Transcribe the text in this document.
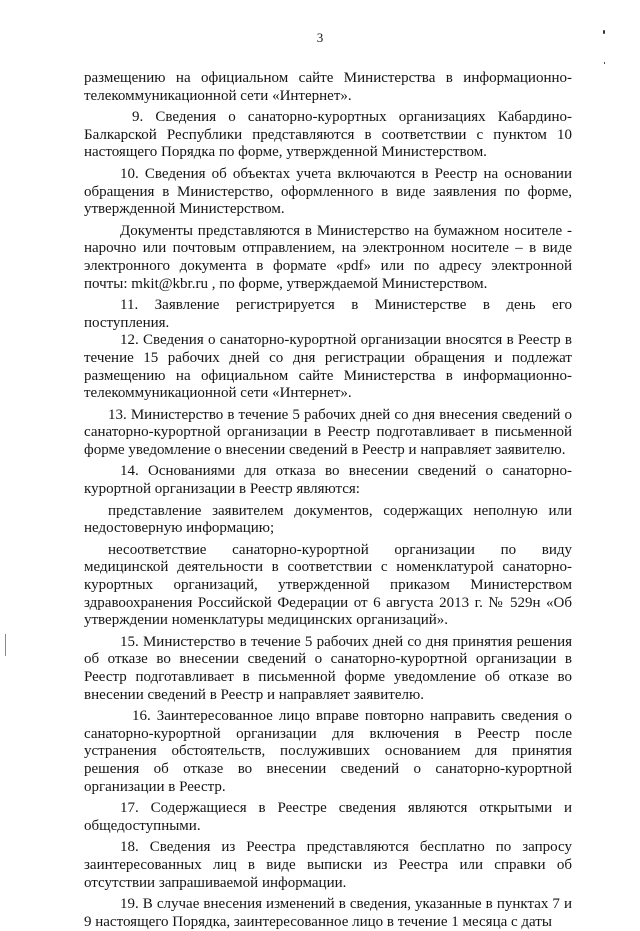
3

размещению на официальном сайте Министерства в информационно-телекоммуникационной сети «Интернет».

9. Сведения о санаторно-курортных организациях Кабардино-Балкарской Республики представляются в соответствии с пунктом 10 настоящего Порядка по форме, утвержденной Министерством.

10. Сведения об объектах учета включаются в Реестр на основании обращения в Министерство, оформленного в виде заявления по форме, утвержденной Министерством.

Документы представляются в Министерство на бумажном носителе - нарочно или почтовым отправлением, на электронном носителе – в виде электронного документа в формате «pdf» или по адресу электронной почты: mkit@kbr.ru , по форме, утверждаемой Министерством.

11. Заявление регистрируется в Министерстве в день его поступления.

12. Сведения о санаторно-курортной организации вносятся в Реестр в течение 15 рабочих дней со дня регистрации обращения и подлежат размещению на официальном сайте Министерства в информационно-телекоммуникационной сети «Интернет».

13. Министерство в течение 5 рабочих дней со дня внесения сведений о санаторно-курортной организации в Реестр подготавливает в письменной форме уведомление о внесении сведений в Реестр и направляет заявителю.

14. Основаниями для отказа во внесении сведений о санаторно-курортной организации в Реестр являются:

представление заявителем документов, содержащих неполную или недостоверную информацию;

несоответствие санаторно-курортной организации по виду медицинской деятельности в соответствии с номенклатурой санаторно-курортных организаций, утвержденной приказом Министерством здравоохранения Российской Федерации от 6 августа 2013 г. № 529н «Об утверждении номенклатуры медицинских организаций».

15. Министерство в течение 5 рабочих дней со дня принятия решения об отказе во внесении сведений о санаторно-курортной организации в Реестр подготавливает в письменной форме уведомление об отказе во внесении сведений в Реестр и направляет заявителю.

16. Заинтересованное лицо вправе повторно направить сведения о санаторно-курортной организации для включения в Реестр после устранения обстоятельств, послуживших основанием для принятия решения об отказе во внесении сведений о санаторно-курортной организации в Реестр.

17. Содержащиеся в Реестре сведения являются открытыми и общедоступными.

18. Сведения из Реестра представляются бесплатно по запросу заинтересованных лиц в виде выписки из Реестра или справки об отсутствии запрашиваемой информации.

19. В случае внесения изменений в сведения, указанные в пунктах 7 и 9 настоящего Порядка, заинтересованное лицо в течение 1 месяца с даты
